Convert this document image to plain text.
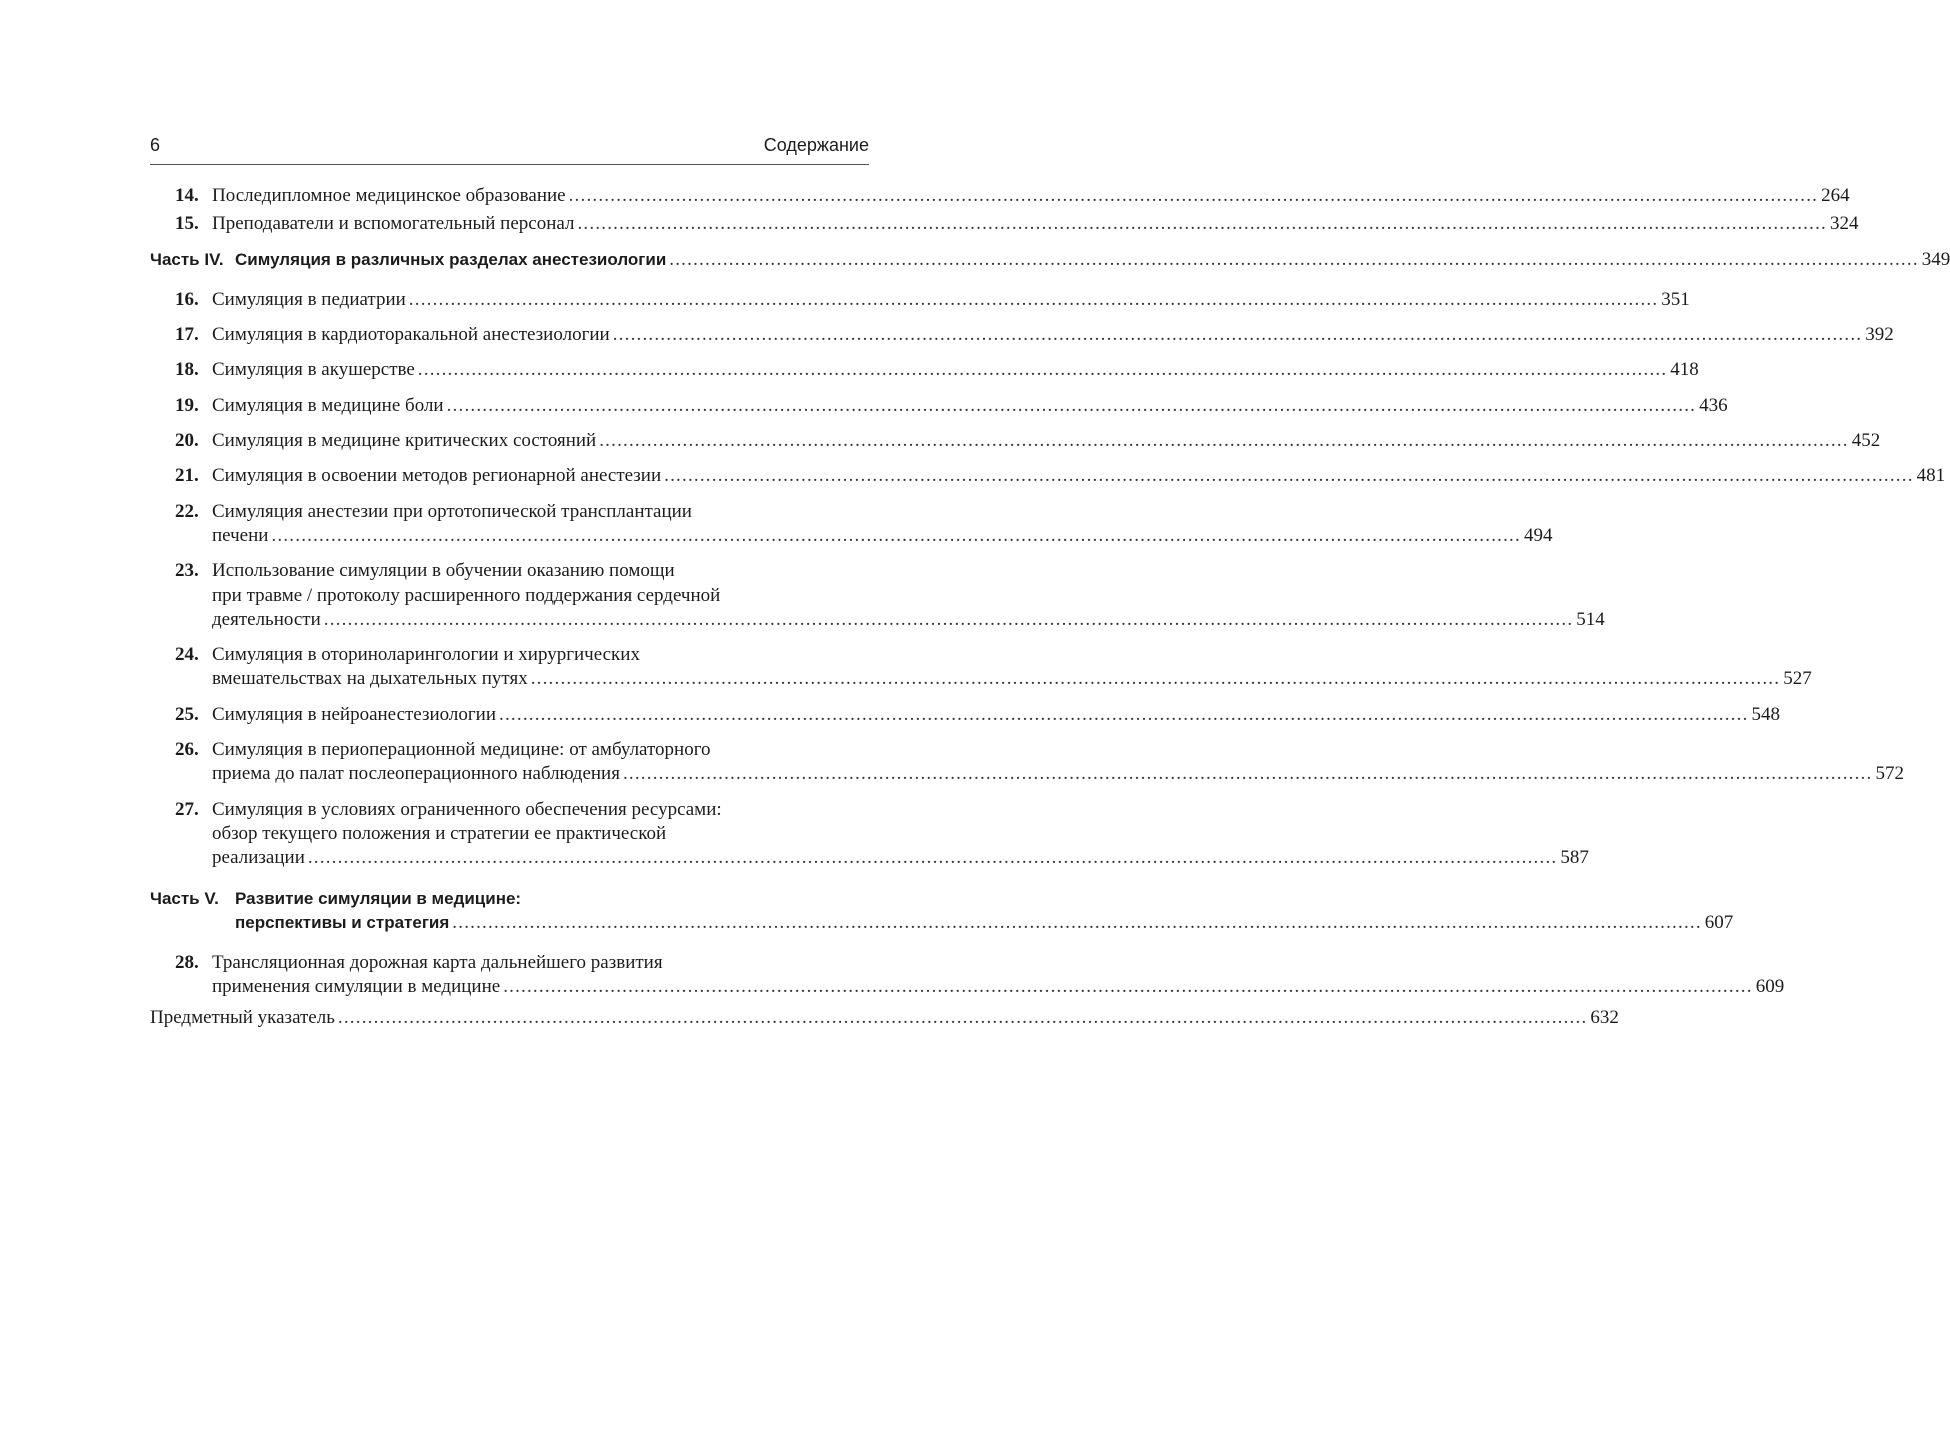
6	Содержание
14. Последипломное медицинское образование .................................................................................................................................................................................................................. 264
15. Преподаватели и вспомогательный персонал .................................................................................................................................................................................................................. 324
Часть IV. Симуляция в различных разделах анестезиологии .................................................................................................................................................................................................................. 349
16. Симуляция в педиатрии .................................................................................................................................................................................................................. 351
17. Симуляция в кардиоторакальной анестезиологии .................................................................................................................................................................................................................. 392
18. Симуляция в акушерстве .................................................................................................................................................................................................................. 418
19. Симуляция в медицине боли .................................................................................................................................................................................................................. 436
20. Симуляция в медицине критических состояний .................................................................................................................................................................................................................. 452
21. Симуляция в освоении методов регионарной анестезии .................................................................................................................................................................................................................. 481
22. Симуляция анестезии при ортотопической трансплантации
печени .................................................................................................................................................................................................................. 494
23. Использование симуляции в обучении оказанию помощи
при травме / протоколу расширенного поддержания сердечной
деятельности .................................................................................................................................................................................................................. 514
24. Симуляция в оториноларингологии и хирургических
вмешательствах на дыхательных путях .................................................................................................................................................................................................................. 527
25. Симуляция в нейроанестезиологии .................................................................................................................................................................................................................. 548
26. Симуляция в периоперационной медицине: от амбулаторного
приема до палат послеоперационного наблюдения .................................................................................................................................................................................................................. 572
27. Симуляция в условиях ограниченного обеспечения ресурсами:
обзор текущего положения и стратегии ее практической
реализации .................................................................................................................................................................................................................. 587
Часть V. Развитие симуляции в медицине:
перспективы и стратегия .................................................................................................................................................................................................................. 607
28. Трансляционная дорожная карта дальнейшего развития
применения симуляции в медицине .................................................................................................................................................................................................................. 609
Предметный указатель .................................................................................................................................................................................................................. 632
